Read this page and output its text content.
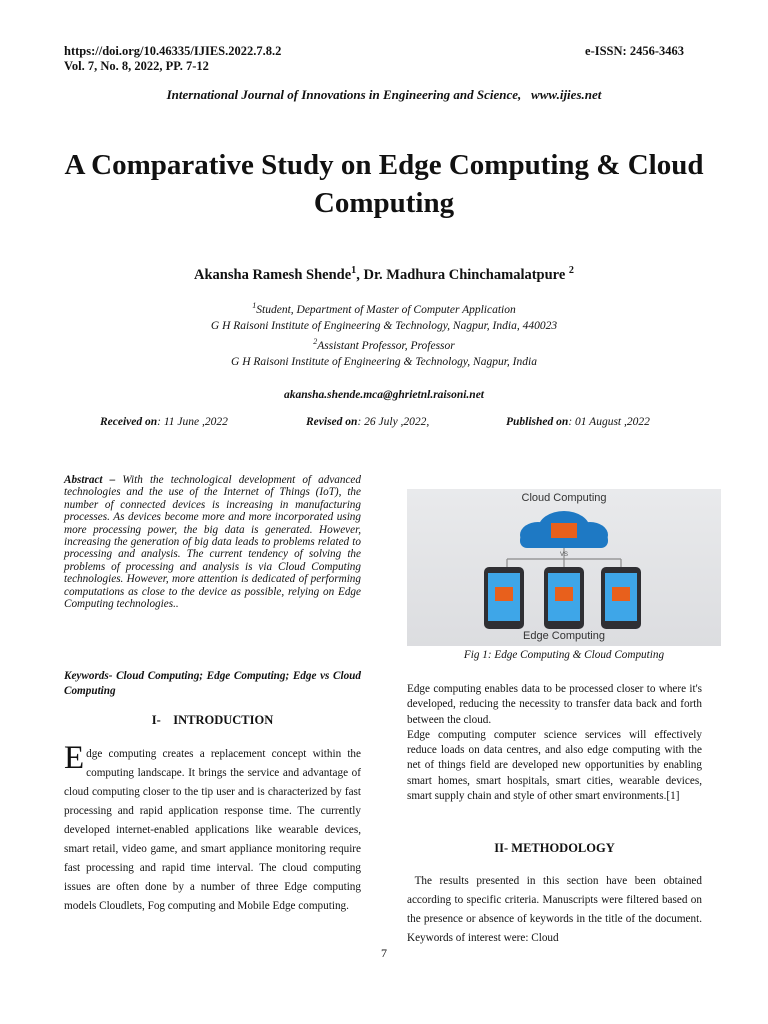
https://doi.org/10.46335/IJIES.2022.7.8.2
Vol. 7, No. 8, 2022, PP. 7-12
e-ISSN: 2456-3463
International Journal of Innovations in Engineering and Science,   www.ijies.net
A Comparative Study on Edge Computing & Cloud Computing
Akansha Ramesh Shende$^1$, Dr. Madhura Chinchamalatpure $^2$
$^1$Student, Department of Master of Computer Application
G H Raisoni Institute of Engineering & Technology, Nagpur, India, 440023
$^2$Assistant Professor, Professor
G H Raisoni Institute of Engineering & Technology, Nagpur, India
akansha.shende.mca@ghrietnl.raisoni.net
Received on: 11 June ,2022	Revised on: 26 July ,2022,	Published on: 01 August ,2022
Abstract – With the technological development of advanced technologies and the use of the Internet of Things (IoT), the number of connected devices is increasing in manufacturing processes. As devices become more and more incorporated using more processing power, the big data is generated. However, increasing the generation of big data leads to problems related to processing and analysis. The current tendency of solving the problems of processing and analysis is via Cloud Computing technologies. However, more attention is dedicated of performing computations as close to the device as possible, relying on Edge Computing technologies..
Keywords- Cloud Computing; Edge Computing; Edge vs Cloud Computing
I-    INTRODUCTION
Edge computing creates a replacement concept within the computing landscape. It brings the service and advantage of cloud computing closer to the tip user and is characterized by fast processing and rapid application response time. The currently developed internet-enabled applications like wearable devices, smart retail, video game, and smart appliance monitoring require fast processing and rapid time interval. The cloud computing issues are often done by a number of three Edge computing models Cloudlets, Fog computing and Mobile Edge computing.
Cloud Computing
VS
Edge Computing
Fig 1: Edge Computing & Cloud Computing
Edge computing enables data to be processed closer to where it's developed, reducing the necessity to transfer data back and forth between the cloud.
Edge computing computer science services will effectively reduce loads on data centres, and also edge computing with the net of things field are developed new opportunities by enabling smart homes, smart hospitals, smart cities, wearable devices, smart supply chain and style of other smart environments.[1]
II- METHODOLOGY
The results presented in this section have been obtained according to specific criteria. Manuscripts were filtered based on the presence or absence of keywords in the title of the document. Keywords of interest were: Cloud
7
